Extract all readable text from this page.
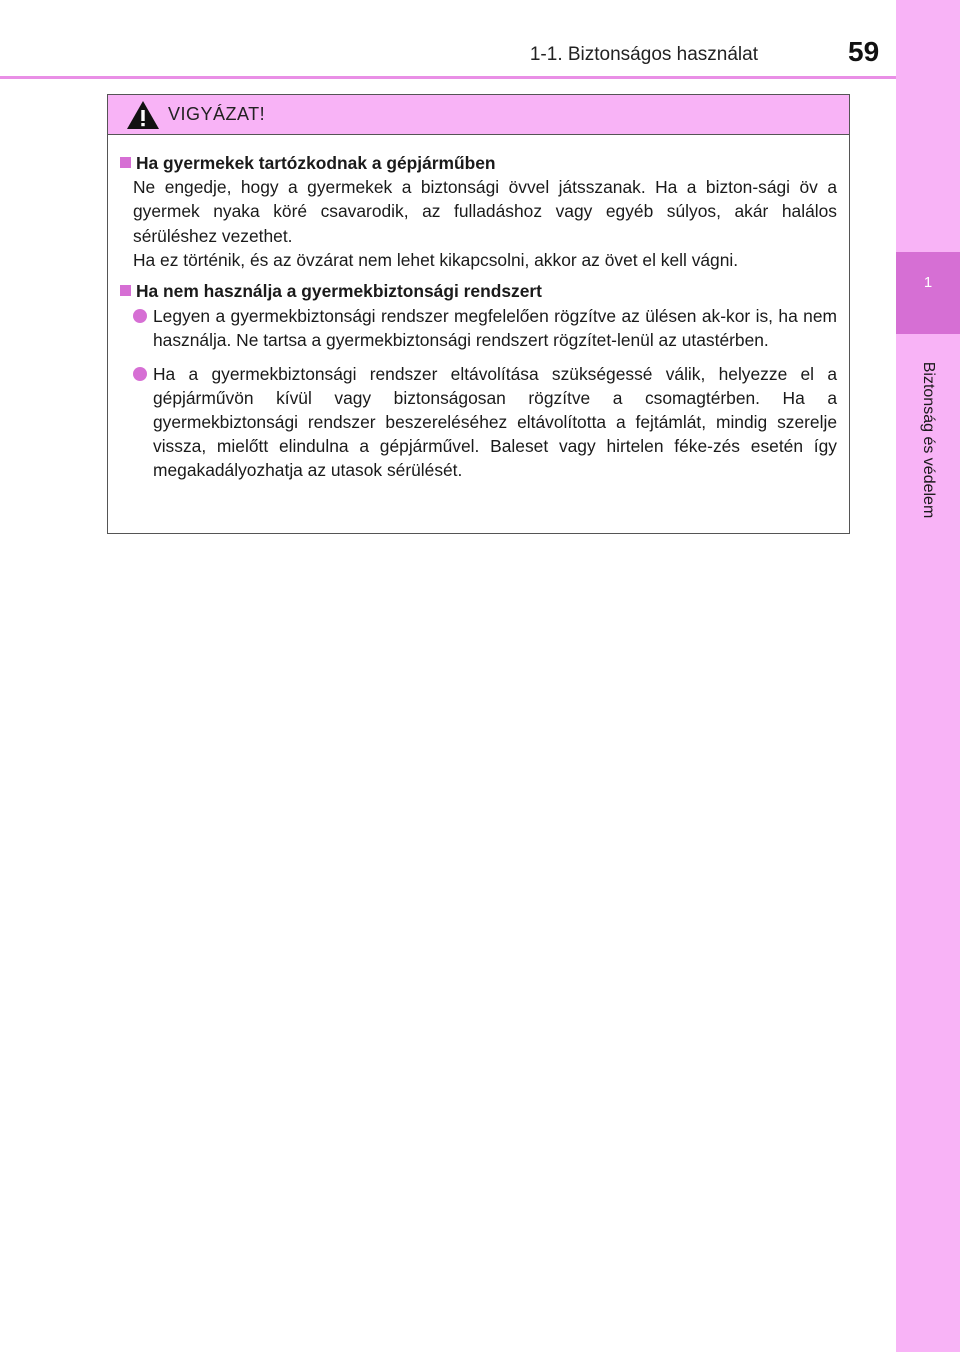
1-1. Biztonságos használat	59
1
Biztonság és védelem
VIGYÁZAT!
Ha gyermekek tartózkodnak a gépjárműben
Ne engedje, hogy a gyermekek a biztonsági övvel játsszanak. Ha a bizton-sági öv a gyermek nyaka köré csavarodik, az fulladáshoz vagy egyéb súlyos, akár halálos sérüléshez vezethet.
Ha ez történik, és az övzárat nem lehet kikapcsolni, akkor az övet el kell vágni.
Ha nem használja a gyermekbiztonsági rendszert
Legyen a gyermekbiztonsági rendszer megfelelően rögzítve az ülésen ak-kor is, ha nem használja. Ne tartsa a gyermekbiztonsági rendszert rögzítet-lenül az utastérben.
Ha a gyermekbiztonsági rendszer eltávolítása szükségessé válik, helyezze el a gépjárművön kívül vagy biztonságosan rögzítve a csomagtérben. Ha a gyermekbiztonsági rendszer beszereléséhez eltávolította a fejtámlát, mindig szerelje vissza, mielőtt elindulna a gépjárművel. Baleset vagy hirtelen féke-zés esetén így megakadályozhatja az utasok sérülését.
